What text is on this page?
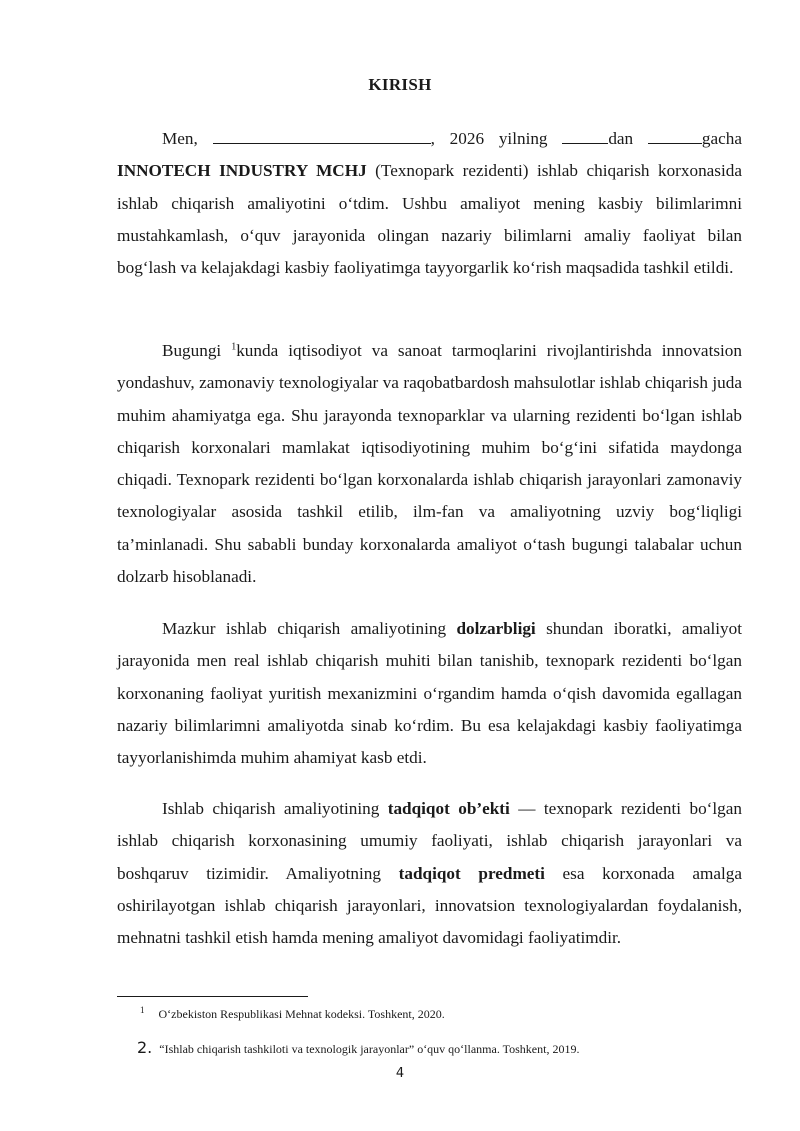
KIRISH

Men,	, 2026 yilning	dan	gacha INNOTECH INDUSTRY MCHJ (Texnopark rezidenti) ishlab chiqarish korxonasida ishlab chiqarish amaliyotini o‘tdim. Ushbu amaliyot mening kasbiy bilimlarimni mustahkamlash, o‘quv jarayonida olingan nazariy bilimlarni amaliy faoliyat bilan bog‘lash va kelajakdagi kasbiy faoliyatimga tayyorgarlik ko‘rish maqsadida tashkil etildi.

Bugungi $^1$kunda iqtisodiyot va sanoat tarmoqlarini rivojlantirishda innovatsion yondashuv, zamonaviy texnologiyalar va raqobatbardosh mahsulotlar ishlab chiqarish juda muhim ahamiyatga ega. Shu jarayonda texnoparklar va ularning rezidenti bo‘lgan ishlab chiqarish korxonalari mamlakat iqtisodiyotining muhim bo‘g‘ini sifatida maydonga chiqadi. Texnopark rezidenti bo‘lgan korxonalarda ishlab chiqarish jarayonlari zamonaviy texnologiyalar asosida tashkil etilib, ilm-fan va amaliyotning uzviy bog‘liqligi ta’minlanadi. Shu sababli bunday korxonalarda amaliyot o‘tash bugungi talabalar uchun dolzarb hisoblanadi.

Mazkur ishlab chiqarish amaliyotining dolzarbligi shundan iboratki, amaliyot jarayonida men real ishlab chiqarish muhiti bilan tanishib, texnopark rezidenti bo‘lgan korxonaning faoliyat yuritish mexanizmini o‘rgandim hamda o‘qish davomida egallagan nazariy bilimlarimni amaliyotda sinab ko‘rdim. Bu esa kelajakdagi kasbiy faoliyatimga tayyorlanishimda muhim ahamiyat kasb etdi.

Ishlab chiqarish amaliyotining tadqiqot ob’ekti — texnopark rezidenti bo‘lgan ishlab chiqarish korxonasining umumiy faoliyati, ishlab chiqarish jarayonlari va boshqaruv tizimidir. Amaliyotning tadqiqot predmeti esa korxonada amalga oshirilayotgan ishlab chiqarish jarayonlari, innovatsion texnologiyalardan foydalanish, mehnatni tashkil etish hamda mening amaliyot davomidagi faoliyatimdir.

$^1$ O‘zbekiston Respublikasi Mehnat kodeksi. Toshkent, 2020.
2. “Ishlab chiqarish tashkiloti va texnologik jarayonlar” o‘quv qo‘llanma. Toshkent, 2019.
4
